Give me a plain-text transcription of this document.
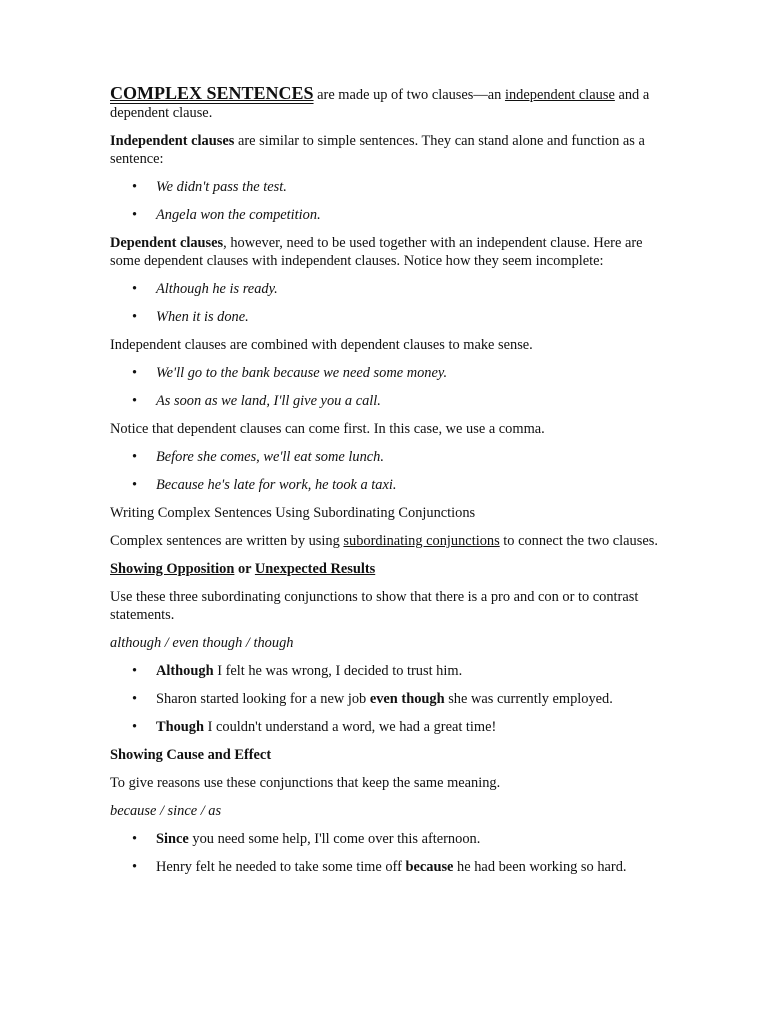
COMPLEX SENTENCES are made up of two clauses—an independent clause and a dependent clause.

Independent clauses are similar to simple sentences. They can stand alone and function as a sentence:

• We didn't pass the test.
• Angela won the competition.

Dependent clauses, however, need to be used together with an independent clause. Here are some dependent clauses with independent clauses. Notice how they seem incomplete:

• Although he is ready.
• When it is done.

Independent clauses are combined with dependent clauses to make sense.

• We'll go to the bank because we need some money.
• As soon as we land, I'll give you a call.

Notice that dependent clauses can come first. In this case, we use a comma.

• Before she comes, we'll eat some lunch.
• Because he's late for work, he took a taxi.

Writing Complex Sentences Using Subordinating Conjunctions

Complex sentences are written by using subordinating conjunctions to connect the two clauses.

Showing Opposition or Unexpected Results

Use these three subordinating conjunctions to show that there is a pro and con or to contrast statements.

although / even though / though

• Although I felt he was wrong, I decided to trust him.
• Sharon started looking for a new job even though she was currently employed.
• Though I couldn't understand a word, we had a great time!

Showing Cause and Effect

To give reasons use these conjunctions that keep the same meaning.

because / since / as

• Since you need some help, I'll come over this afternoon.
• Henry felt he needed to take some time off because he had been working so hard.
